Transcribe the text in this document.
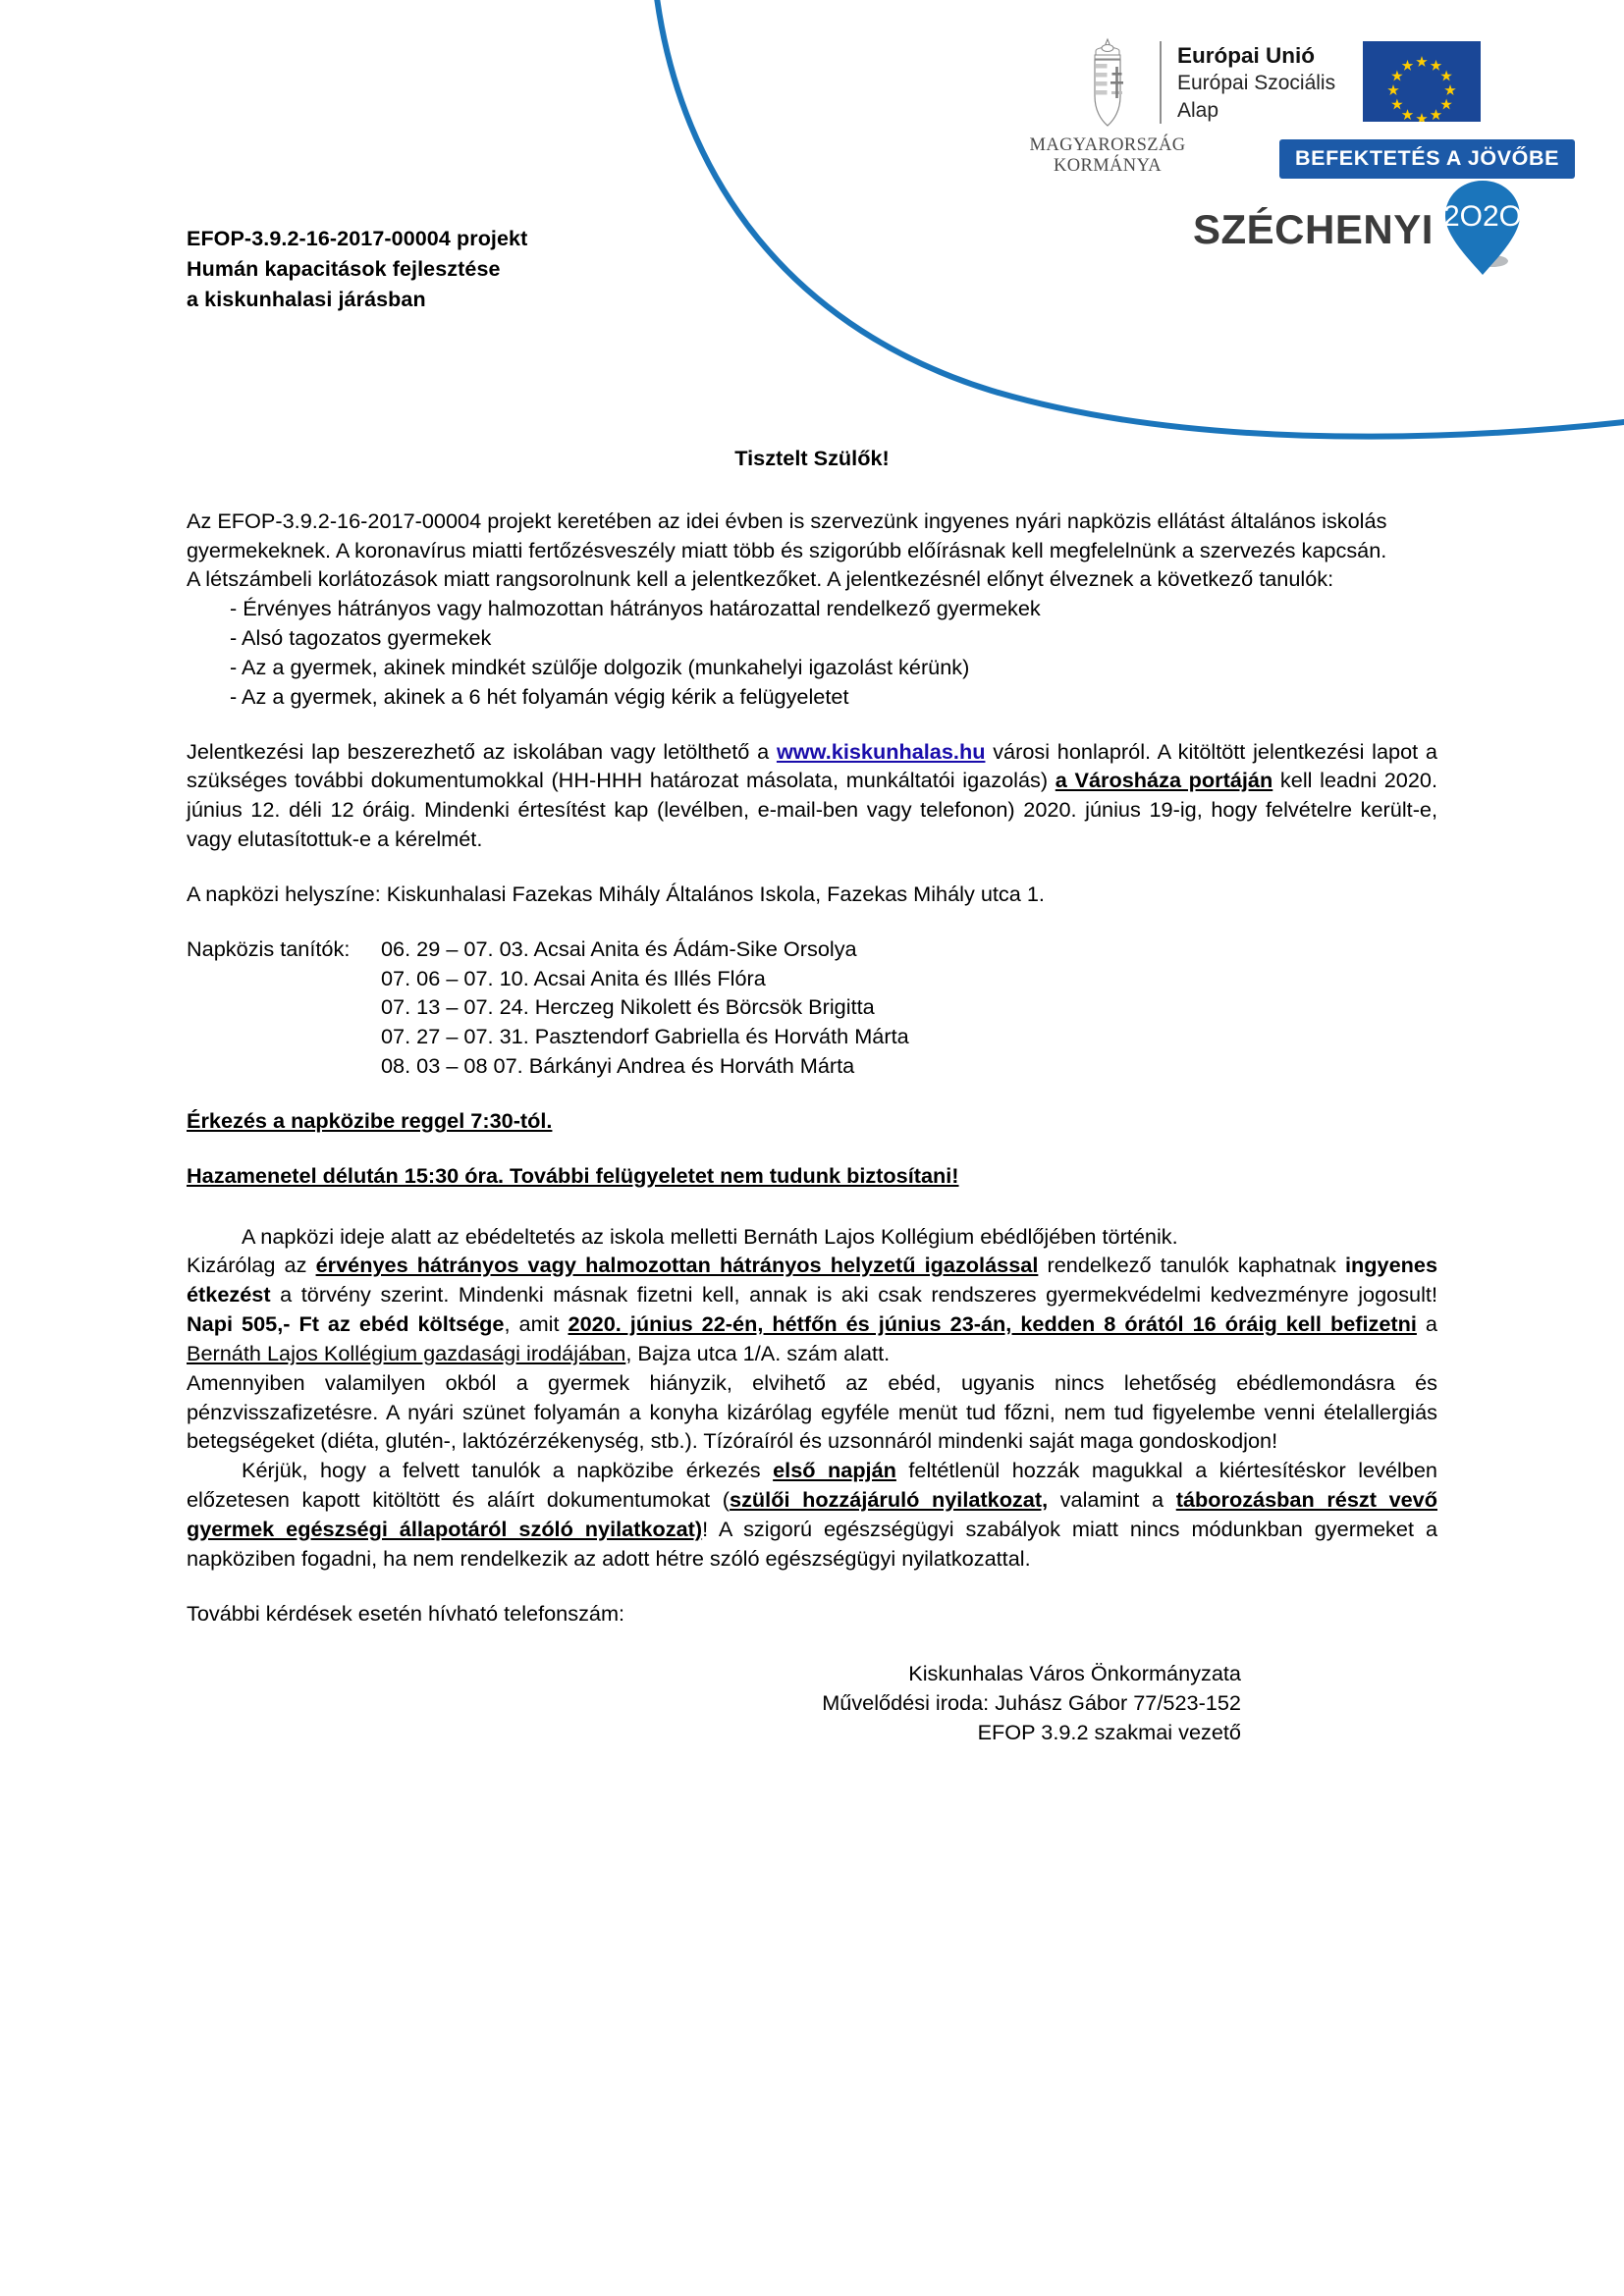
MAGYARORSZÁG
KORMÁNYA
Európai Unió
Európai Szociális
Alap
BEFEKTETÉS A JÖVŐBE
SZÉCHENYI 2O2O
EFOP-3.9.2-16-2017-00004 projekt
Humán kapacitások fejlesztése
a kiskunhalasi járásban
Tisztelt Szülők!

Az EFOP-3.9.2-16-2017-00004 projekt keretében az idei évben is szervezünk ingyenes nyári napközis ellátást általános iskolás gyermekeknek. A koronavírus miatti fertőzésveszély miatt több és szigorúbb előírásnak kell megfelelnünk a szervezés kapcsán.

A létszámbeli korlátozások miatt rangsorolnunk kell a jelentkezőket. A jelentkezésnél előnyt élveznek a következő tanulók:

- Érvényes hátrányos vagy halmozottan hátrányos határozattal rendelkező gyermekek
- Alsó tagozatos gyermekek
- Az a gyermek, akinek mindkét szülője dolgozik (munkahelyi igazolást kérünk)
- Az a gyermek, akinek a 6 hét folyamán végig kérik a felügyeletet

Jelentkezési lap beszerezhető az iskolában vagy letölthető a www.kiskunhalas.hu városi honlapról. A kitöltött jelentkezési lapot a szükséges további dokumentumokkal (HH-HHH határozat másolata, munkáltatói igazolás) a Városháza portáján kell leadni 2020. június 12. déli 12 óráig. Mindenki értesítést kap (levélben, e-mail-ben vagy telefonon) 2020. június 19-ig, hogy felvételre került-e, vagy elutasítottuk-e a kérelmét.

A napközi helyszíne: Kiskunhalasi Fazekas Mihály Általános Iskola, Fazekas Mihály utca 1.

Napközis tanítók:	06. 29 – 07. 03. Acsai Anita és Ádám-Sike Orsolya
07. 06 – 07. 10. Acsai Anita és Illés Flóra
07. 13 – 07. 24. Herczeg Nikolett és Börcsök Brigitta
07. 27 – 07. 31. Pasztendorf Gabriella és Horváth Márta
08. 03 – 08 07. Bárkányi Andrea és Horváth Márta

Érkezés a napközibe reggel 7:30-tól.

Hazamenetel délután 15:30 óra. További felügyeletet nem tudunk biztosítani!

A napközi ideje alatt az ebédeltetés az iskola melletti Bernáth Lajos Kollégium ebédlőjében történik.

Kizárólag az érvényes hátrányos vagy halmozottan hátrányos helyzetű igazolással rendelkező tanulók kaphatnak ingyenes étkezést a törvény szerint. Mindenki másnak fizetni kell, annak is aki csak rendszeres gyermekvédelmi kedvezményre jogosult! Napi 505,- Ft az ebéd költsége, amit 2020. június 22-én, hétfőn és június 23-án, kedden 8 órától 16 óráig kell befizetni a Bernáth Lajos Kollégium gazdasági irodájában, Bajza utca 1/A. szám alatt.

Amennyiben valamilyen okból a gyermek hiányzik, elvihető az ebéd, ugyanis nincs lehetőség ebédlemondásra és pénzvisszafizetésre. A nyári szünet folyamán a konyha kizárólag egyféle menüt tud főzni, nem tud figyelembe venni ételallergiás betegségeket (diéta, glutén-, laktózérzékenység, stb.). Tízóraíról és uzsonnáról mindenki saját maga gondoskodjon!

Kérjük, hogy a felvett tanulók a napközibe érkezés első napján feltétlenül hozzák magukkal a kiértesítéskor levélben előzetesen kapott kitöltött és aláírt dokumentumokat (szülői hozzájáruló nyilatkozat, valamint a táborozásban részt vevő gyermek egészségi állapotáról szóló nyilatkozat)! A szigorú egészségügyi szabályok miatt nincs módunkban gyermeket a napköziben fogadni, ha nem rendelkezik az adott hétre szóló egészségügyi nyilatkozattal.

További kérdések esetén hívható telefonszám:

Kiskunhalas Város Önkormányzata
Művelődési iroda: Juhász Gábor 77/523-152
EFOP 3.9.2 szakmai vezető
